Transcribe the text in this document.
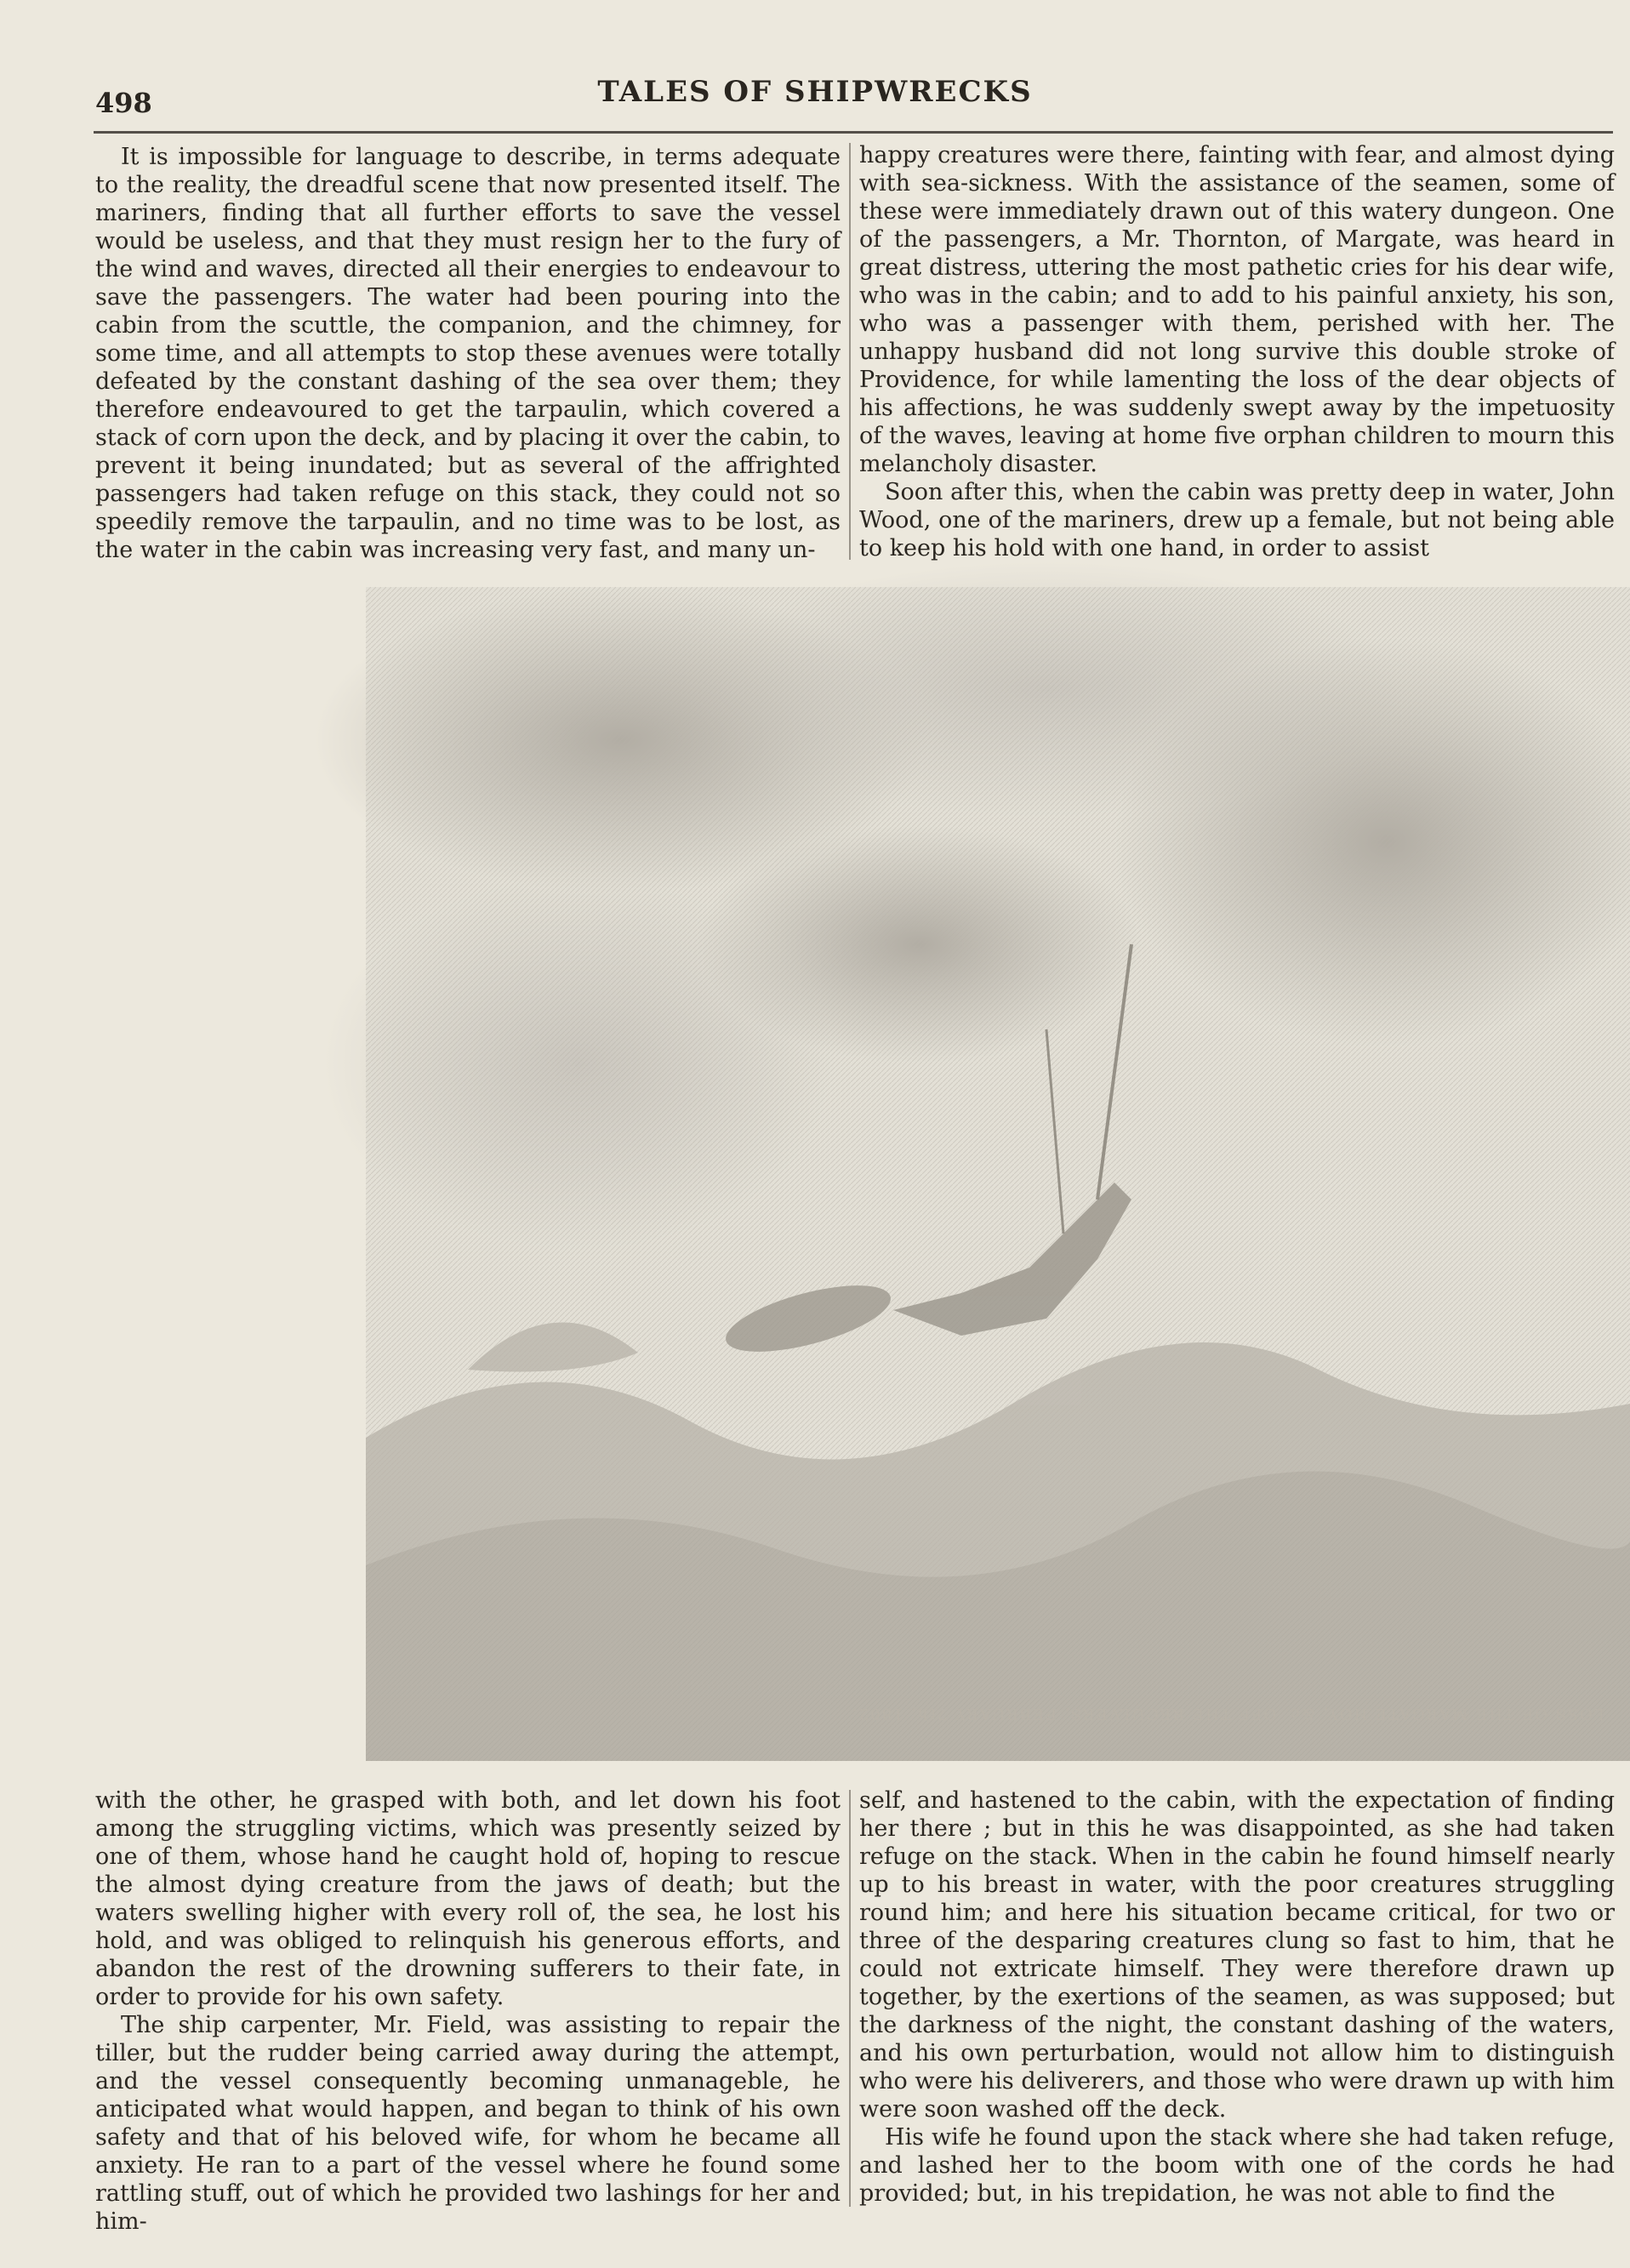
498	TALES OF SHIPWRECKS

It is impossible for language to describe, in terms adequate to the reality, the dreadful scene that now presented itself. The mariners, finding that all further efforts to save the vessel would be useless, and that they must resign her to the fury of the wind and waves, directed all their energies to endeavour to save the passengers. The water had been pouring into the cabin from the scuttle, the companion, and the chimney, for some time, and all attempts to stop these avenues were totally defeated by the constant dashing of the sea over them; they therefore endeavoured to get the tarpaulin, which covered a stack of corn upon the deck, and by placing it over the cabin, to prevent it being inundated; but as several of the affrighted passengers had taken refuge on this stack, they could not so speedily remove the tarpaulin, and no time was to be lost, as the water in the cabin was increasing very fast, and many un-

happy creatures were there, fainting with fear, and almost dying with sea-sickness. With the assistance of the seamen, some of these were immediately drawn out of this watery dungeon. One of the passengers, a Mr. Thornton, of Margate, was heard in great distress, uttering the most pathetic cries for his dear wife, who was in the cabin; and to add to his painful anxiety, his son, who was a passenger with them, perished with her. The unhappy husband did not long survive this double stroke of Providence, for while lamenting the loss of the dear objects of his affections, he was suddenly swept away by the impetuosity of the waves, leaving at home five orphan children to mourn this melancholy disaster.

Soon after this, when the cabin was pretty deep in water, John Wood, one of the mariners, drew up a female, but not being able to keep his hold with one hand, in order to assist

LOSS OF THE MARGATE HOY, &c. OFF THE RECULVERS, FEBRUARY 7th, 1802.

with the other, he grasped with both, and let down his foot among the struggling victims, which was presently seized by one of them, whose hand he caught hold of, hoping to rescue the almost dying creature from the jaws of death; but the waters swelling higher with every roll of, the sea, he lost his hold, and was obliged to relinquish his generous efforts, and abandon the rest of the drowning sufferers to their fate, in order to provide for his own safety.

The ship carpenter, Mr. Field, was assisting to repair the tiller, but the rudder being carried away during the attempt, and the vessel consequently becoming unmanageble, he anticipated what would happen, and began to think of his own safety and that of his beloved wife, for whom he became all anxiety. He ran to a part of the vessel where he found some rattling stuff, out of which he provided two lashings for her and him-

self, and hastened to the cabin, with the expectation of finding her there ; but in this he was disappointed, as she had taken refuge on the stack. When in the cabin he found himself nearly up to his breast in water, with the poor creatures struggling round him; and here his situation became critical, for two or three of the desparing creatures clung so fast to him, that he could not extricate himself. They were therefore drawn up together, by the exertions of the seamen, as was supposed; but the darkness of the night, the constant dashing of the waters, and his own perturbation, would not allow him to distinguish who were his deliverers, and those who were drawn up with him were soon washed off the deck.

His wife he found upon the stack where she had taken refuge, and lashed her to the boom with one of the cords he had provided; but, in his trepidation, he was not able to find the
